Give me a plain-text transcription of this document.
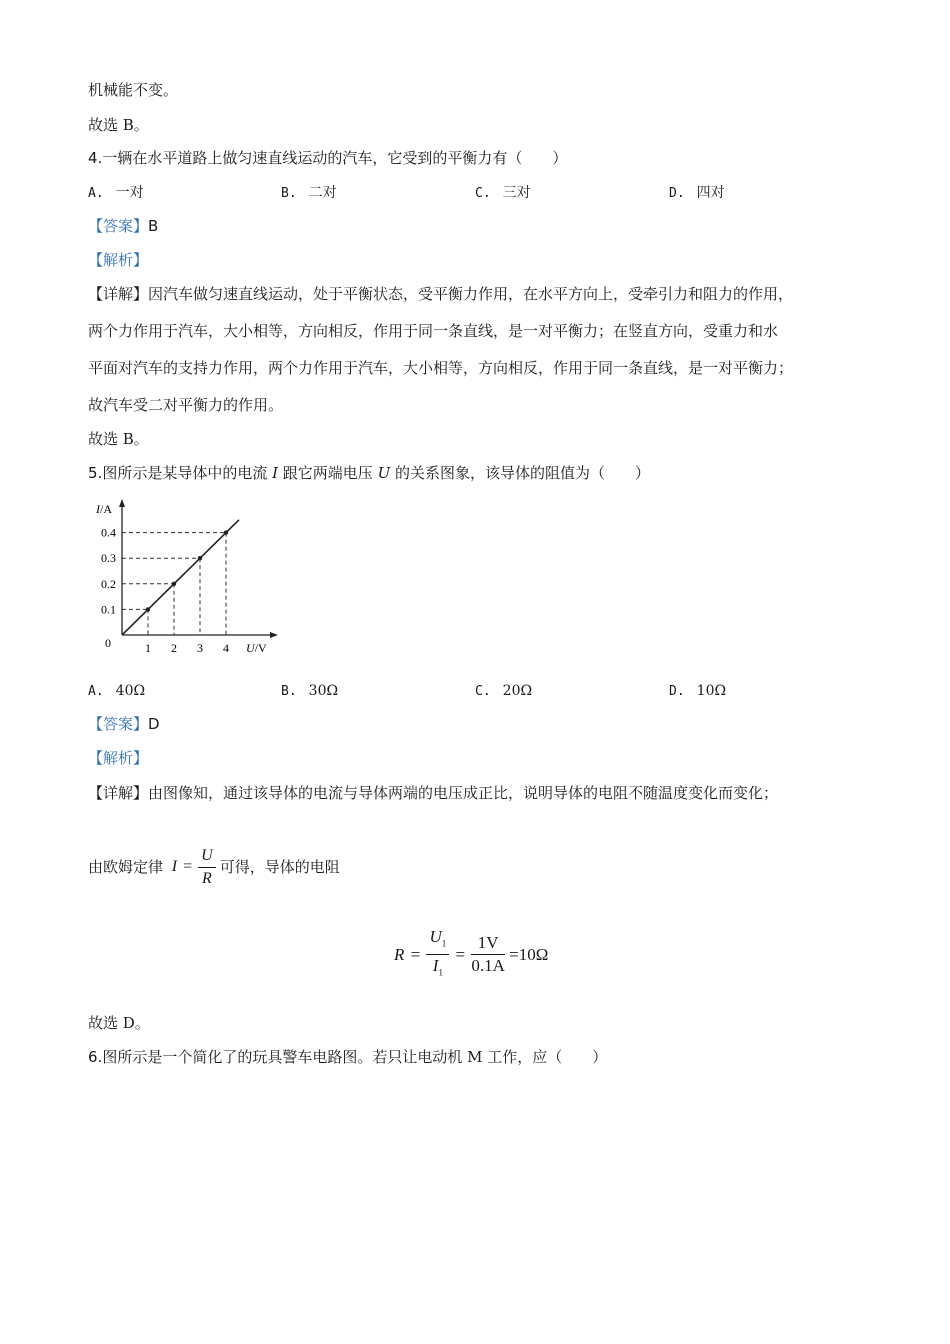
机械能不变。
故选 B。
4.一辆在水平道路上做匀速直线运动的汽车，它受到的平衡力有（　　）
A. 一对	B. 二对	C. 三对	D. 四对
【答案】B
【解析】
【详解】因汽车做匀速直线运动，处于平衡状态，受平衡力作用，在水平方向上，受牵引力和阻力的作用，
两个力作用于汽车，大小相等，方向相反，作用于同一条直线，是一对平衡力；在竖直方向，受重力和水
平面对汽车的支持力作用，两个力作用于汽车，大小相等，方向相反，作用于同一条直线，是一对平衡力；
故汽车受二对平衡力的作用。
故选 B。
5.图所示是某导体中的电流 I 跟它两端电压 U 的关系图象，该导体的阻值为（　　）
1 2 3 4
0.1
0.2
0.3
0.4
0	U/V
I/A
A. 40Ω	B. 30Ω	C. 20Ω	D. 10Ω
【答案】D
【解析】
【详解】由图像知，通过该导体的电流与导体两端的电压成正比，说明导体的电阻不随温度变化而变化；
由欧姆定律 $I = \frac{U}{R}$ 可得，导体的电阻
$R = \frac{U_1}{I_1} = \frac{1V}{0.1A} =10\Omega$
故选 D。
6.图所示是一个简化了的玩具警车电路图。若只让电动机 M 工作，应（　　）
